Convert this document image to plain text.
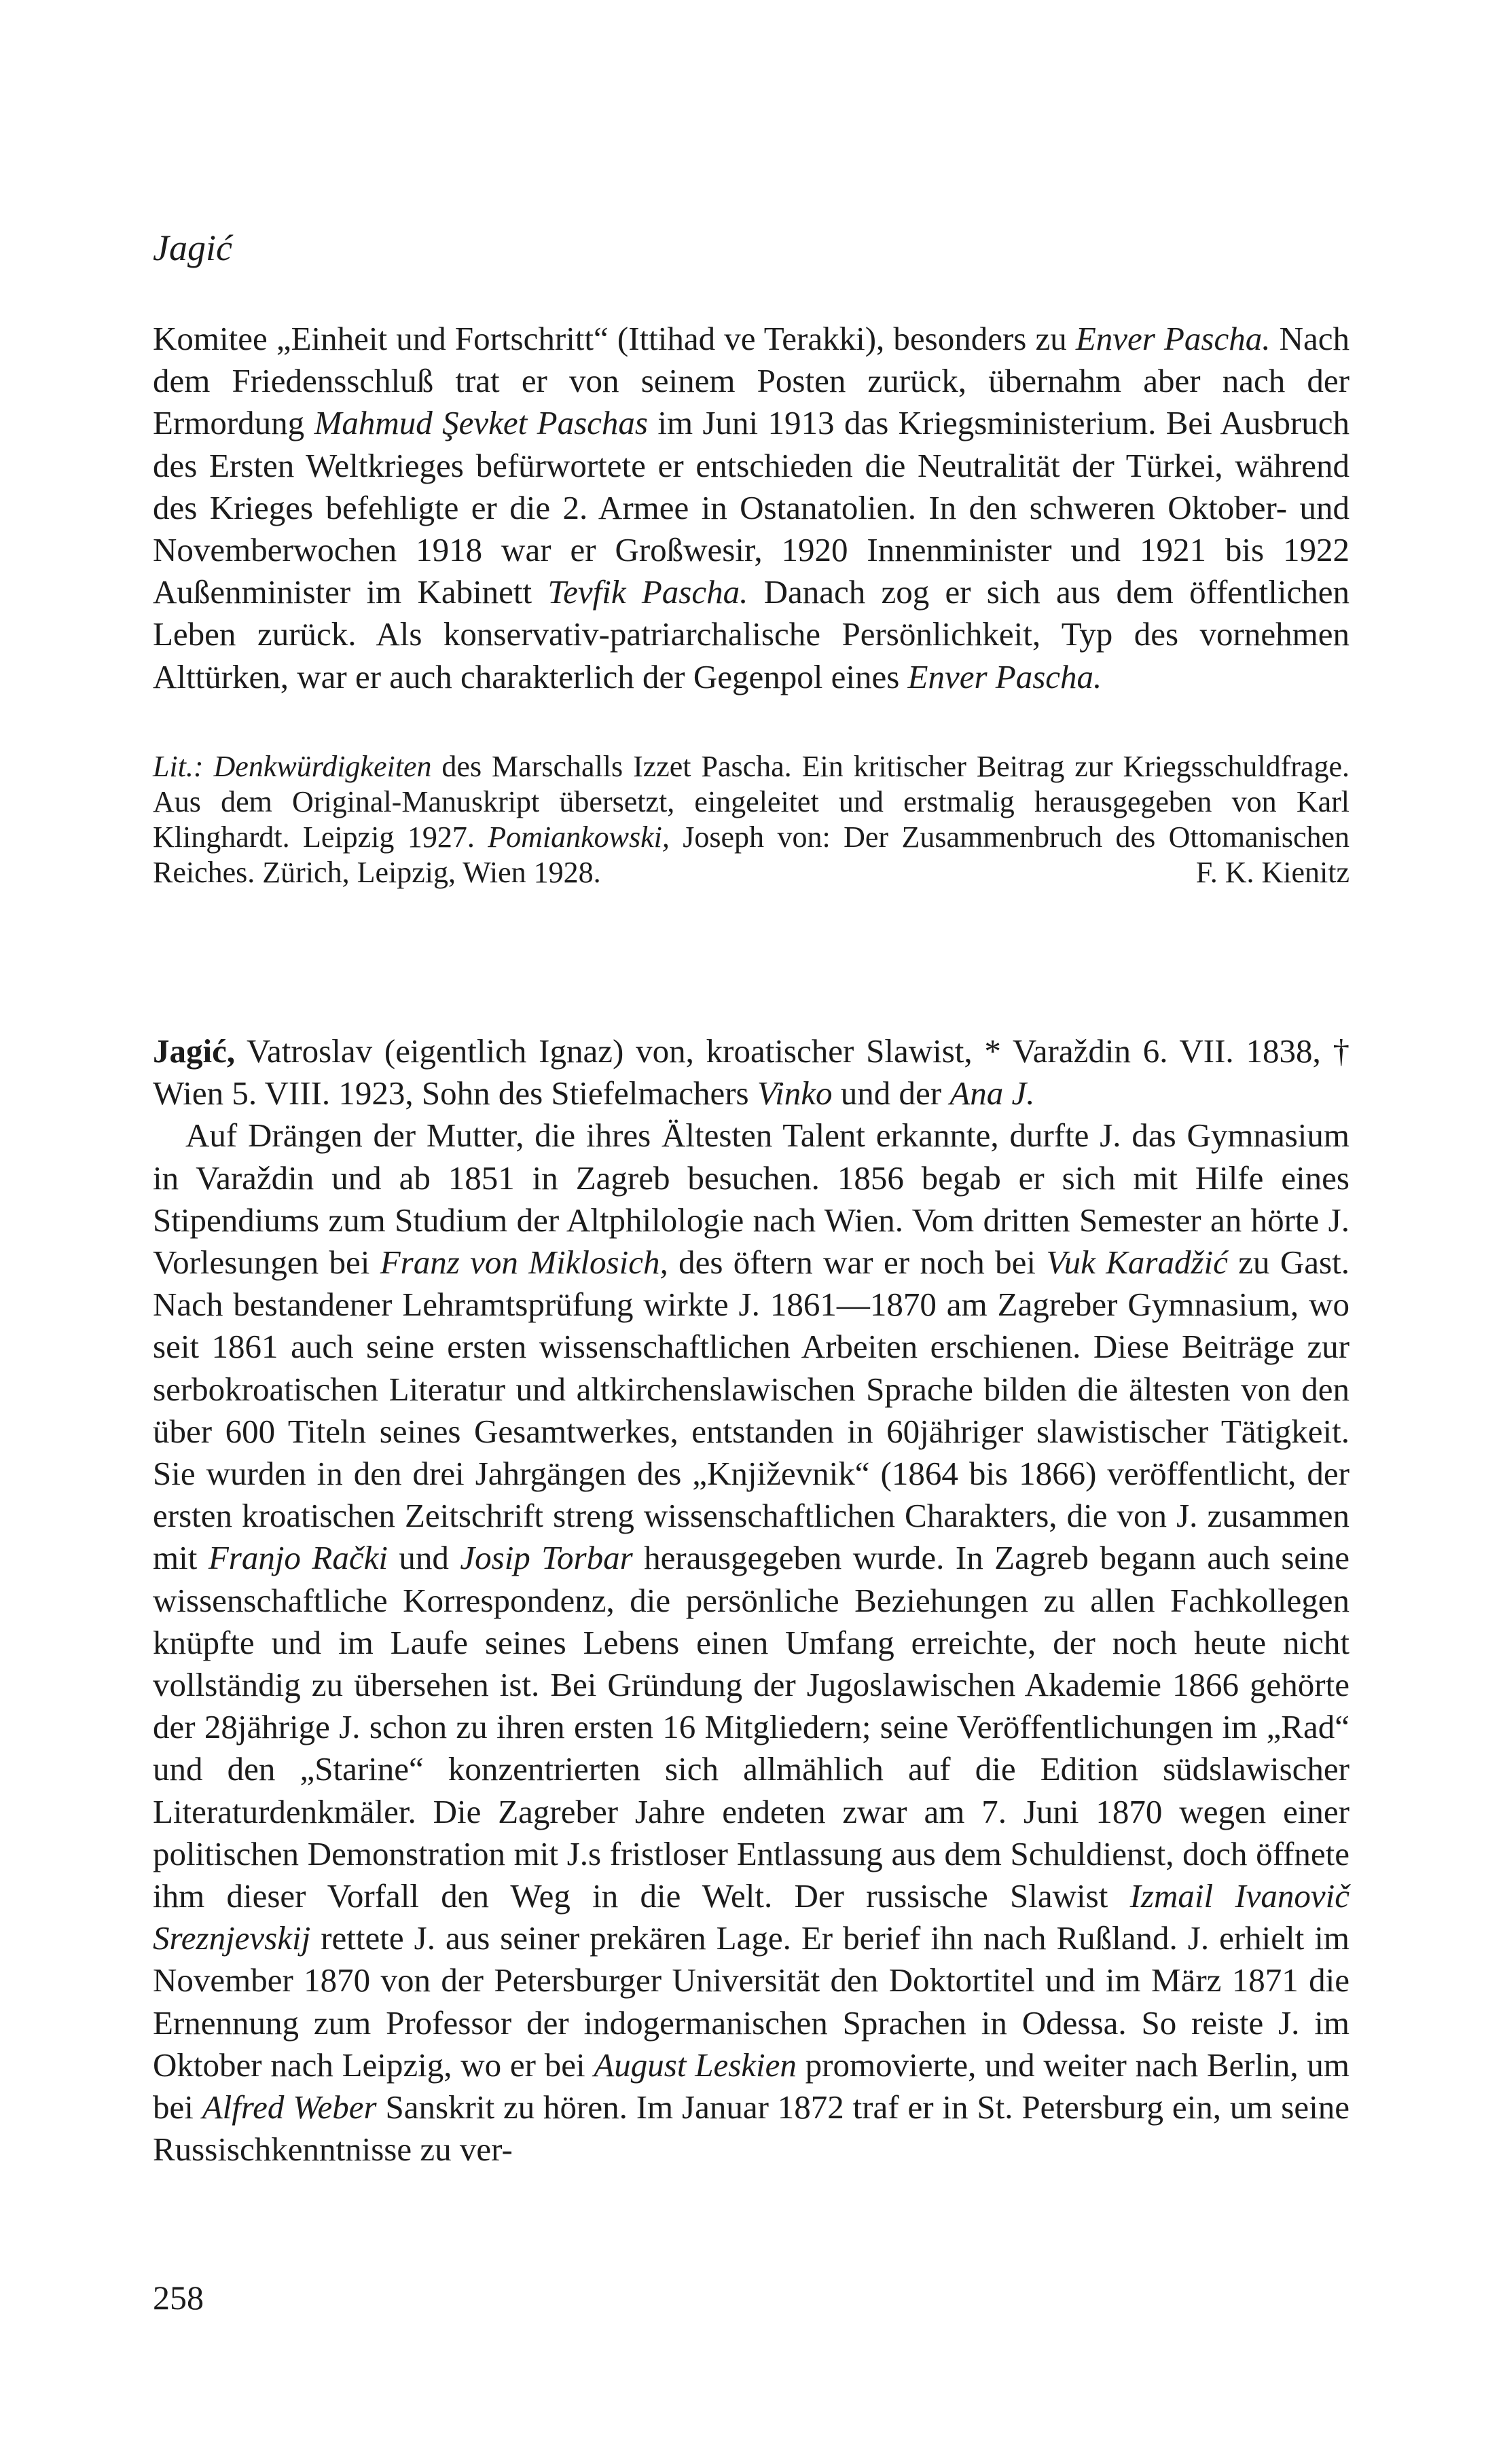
Jagić

Komitee „Einheit und Fortschritt“ (Ittihad ve Terakki), besonders zu Enver Pascha. Nach dem Friedensschluß trat er von seinem Posten zurück, übernahm aber nach der Ermordung Mahmud Şevket Paschas im Juni 1913 das Kriegsministerium. Bei Ausbruch des Ersten Weltkrieges befürwortete er entschieden die Neutralität der Türkei, während des Krieges befehligte er die 2. Armee in Ostanatolien. In den schweren Oktober- und Novemberwochen 1918 war er Großwesir, 1920 Innenminister und 1921 bis 1922 Außenminister im Kabinett Tevfik Pascha. Danach zog er sich aus dem öffentlichen Leben zurück. Als konservativ-patriarchalische Persönlichkeit, Typ des vornehmen Alttürken, war er auch charakterlich der Gegenpol eines Enver Pascha.

Lit.: Denkwürdigkeiten des Marschalls Izzet Pascha. Ein kritischer Beitrag zur Kriegsschuldfrage. Aus dem Original-Manuskript übersetzt, eingeleitet und erstmalig herausgegeben von Karl Klinghardt. Leipzig 1927. Pomiankowski, Joseph von: Der Zusammenbruch des Ottomanischen Reiches. Zürich, Leipzig, Wien 1928.	F. K. Kienitz

Jagić, Vatroslav (eigentlich Ignaz) von, kroatischer Slawist, * Varaždin 6. VII. 1838, † Wien 5. VIII. 1923, Sohn des Stiefelmachers Vinko und der Ana J.

Auf Drängen der Mutter, die ihres Ältesten Talent erkannte, durfte J. das Gymnasium in Varaždin und ab 1851 in Zagreb besuchen. 1856 begab er sich mit Hilfe eines Stipendiums zum Studium der Altphilologie nach Wien. Vom dritten Semester an hörte J. Vorlesungen bei Franz von Miklosich, des öftern war er noch bei Vuk Karadžić zu Gast. Nach bestandener Lehramtsprüfung wirkte J. 1861—1870 am Zagreber Gymnasium, wo seit 1861 auch seine ersten wissenschaftlichen Arbeiten erschienen. Diese Beiträge zur serbokroatischen Literatur und altkirchenslawischen Sprache bilden die ältesten von den über 600 Titeln seines Gesamtwerkes, entstanden in 60jähriger slawistischer Tätigkeit. Sie wurden in den drei Jahrgängen des „Književnik“ (1864 bis 1866) veröffentlicht, der ersten kroatischen Zeitschrift streng wissenschaftlichen Charakters, die von J. zusammen mit Franjo Rački und Josip Torbar herausgegeben wurde. In Zagreb begann auch seine wissenschaftliche Korrespondenz, die persönliche Beziehungen zu allen Fachkollegen knüpfte und im Laufe seines Lebens einen Umfang erreichte, der noch heute nicht vollständig zu übersehen ist. Bei Gründung der Jugoslawischen Akademie 1866 gehörte der 28jährige J. schon zu ihren ersten 16 Mitgliedern; seine Veröffentlichungen im „Rad“ und den „Starine“ konzentrierten sich allmählich auf die Edition südslawischer Literaturdenkmäler. Die Zagreber Jahre endeten zwar am 7. Juni 1870 wegen einer politischen Demonstration mit J.s fristloser Entlassung aus dem Schuldienst, doch öffnete ihm dieser Vorfall den Weg in die Welt. Der russische Slawist Izmail Ivanovič Sreznjevskij rettete J. aus seiner prekären Lage. Er berief ihn nach Rußland. J. erhielt im November 1870 von der Petersburger Universität den Doktortitel und im März 1871 die Ernennung zum Professor der indogermanischen Sprachen in Odessa. So reiste J. im Oktober nach Leipzig, wo er bei August Leskien promovierte, und weiter nach Berlin, um bei Alfred Weber Sanskrit zu hören. Im Januar 1872 traf er in St. Petersburg ein, um seine Russischkenntnisse zu ver-

258
